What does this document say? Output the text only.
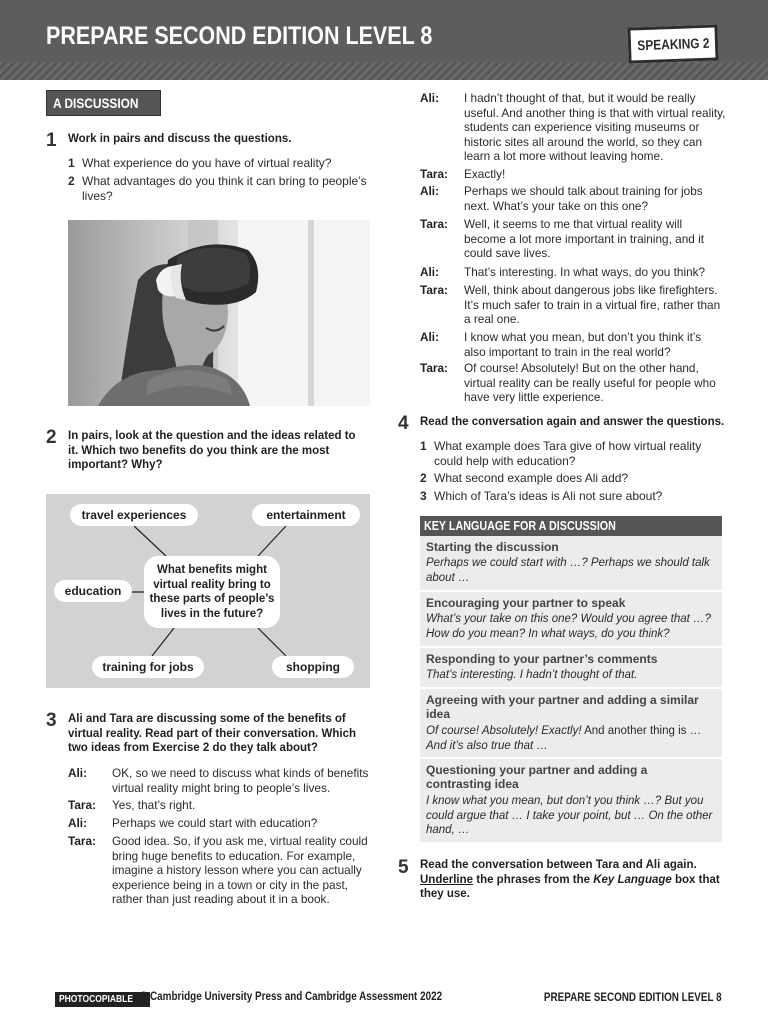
PREPARE SECOND EDITION LEVEL 8	SPEAKING 2
A DISCUSSION
1 Work in pairs and discuss the questions.
1 What experience do you have of virtual reality?
2 What advantages do you think it can bring to people’s lives?
2 In pairs, look at the question and the ideas related to it. Which two benefits do you think are the most important? Why?
travel experiences	entertainment
education
training for jobs	shopping
What benefits might virtual reality bring to these parts of people’s lives in the future?
3 Ali and Tara are discussing some of the benefits of virtual reality. Read part of their conversation. Which two ideas from Exercise 2 do they talk about?
Ali: OK, so we need to discuss what kinds of benefits virtual reality might bring to people’s lives.
Tara: Yes, that’s right.
Ali: Perhaps we could start with education?
Tara: Good idea. So, if you ask me, virtual reality could bring huge benefits to education. For example, imagine a history lesson where you can actually experience being in a town or city in the past, rather than just reading about it in a book.
Ali: I hadn’t thought of that, but it would be really useful. And another thing is that with virtual reality, students can experience visiting museums or historic sites all around the world, so they can learn a lot more without leaving home.
Tara: Exactly!
Ali: Perhaps we should talk about training for jobs next. What’s your take on this one?
Tara: Well, it seems to me that virtual reality will become a lot more important in training, and it could save lives.
Ali: That’s interesting. In what ways, do you think?
Tara: Well, think about dangerous jobs like firefighters. It’s much safer to train in a virtual fire, rather than a real one.
Ali: I know what you mean, but don’t you think it’s also important to train in the real world?
Tara: Of course! Absolutely! But on the other hand, virtual reality can be really useful for people who have very little experience.
4 Read the conversation again and answer the questions.
1 What example does Tara give of how virtual reality could help with education?
2 What second example does Ali add?
3 Which of Tara’s ideas is Ali not sure about?
KEY LANGUAGE FOR A DISCUSSION
Starting the discussion
Perhaps we could start with …? Perhaps we should talk about …
Encouraging your partner to speak
What’s your take on this one? Would you agree that …? How do you mean? In what ways, do you think?
Responding to your partner’s comments
That’s interesting. I hadn’t thought of that.
Agreeing with your partner and adding a similar idea
Of course! Absolutely! Exactly! And another thing is …
And it’s also true that …
Questioning your partner and adding a contrasting idea
I know what you mean, but don’t you think …? But you could argue that … I take your point, but … On the other hand, …
5 Read the conversation between Tara and Ali again. Underline the phrases from the Key Language box that they use.
PHOTOCOPIABLE © Cambridge University Press and Cambridge Assessment 2022	PREPARE SECOND EDITION LEVEL 8
